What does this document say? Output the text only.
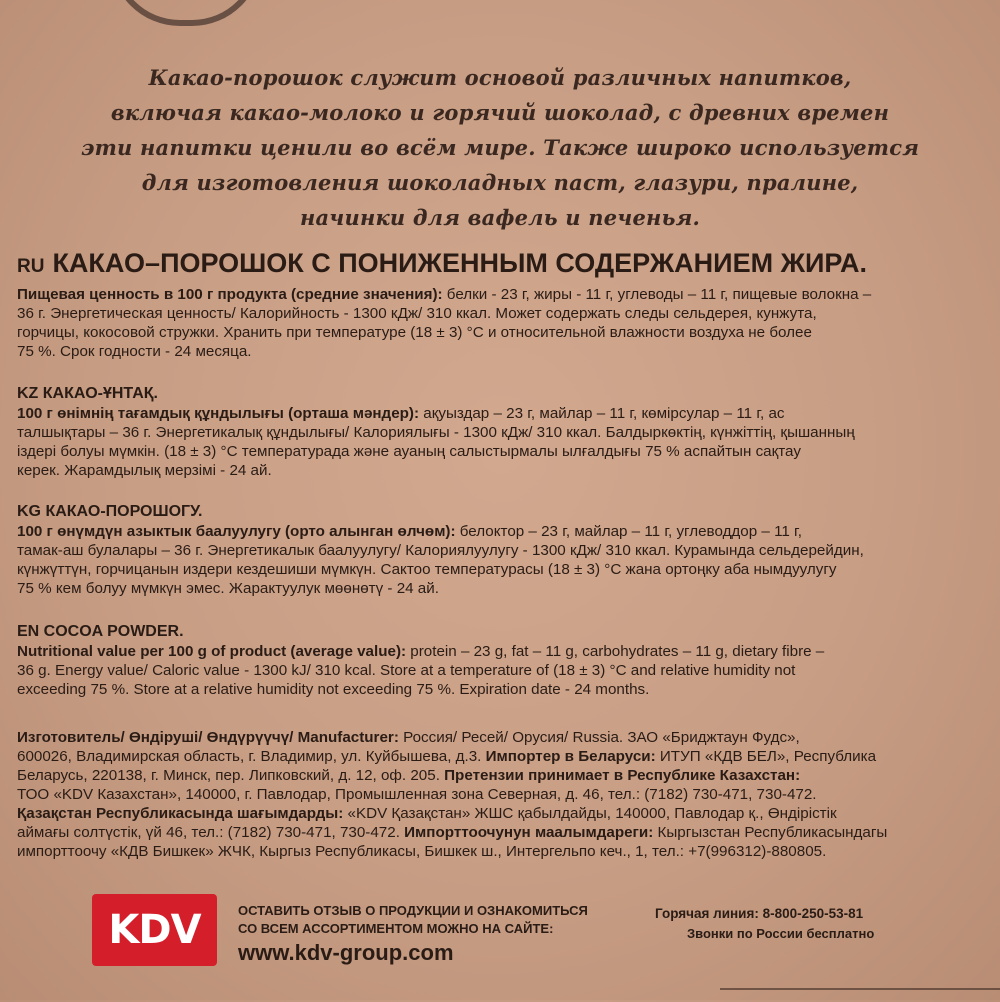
Какао-порошок служит основой различных напитков,
включая какао-молоко и горячий шоколад, с древних времен
эти напитки ценили во всём мире. Также широко используется
для изготовления шоколадных паст, глазури, пралине,
начинки для вафель и печенья.
RU КАКАО–ПОРОШОК С ПОНИЖЕННЫМ СОДЕРЖАНИЕМ ЖИРА.
Пищевая ценность в 100 г продукта (средние значения): белки - 23 г, жиры - 11 г, углеводы – 11 г, пищевые волокна –
36 г. Энергетическая ценность/ Калорийность - 1300 кДж/ 310 ккал. Может содержать следы сельдерея, кунжута,
горчицы, кокосовой стружки. Хранить при температуре (18 ± 3) °C и относительной влажности воздуха не более
75 %. Срок годности - 24 месяца.
KZ КАКАО-ҰНТАҚ.
100 г өнімнің тағамдық құндылығы (орташа мәндер): ақуыздар – 23 г, майлар – 11 г, көмірсулар – 11 г, ас
талшықтары – 36 г. Энергетикалық құндылығы/ Калориялығы - 1300 кДж/ 310 ккал. Балдыркөктің, күнжіттің, қышанның
іздері болуы мүмкін. (18 ± 3) °C температурада және ауаның салыстырмалы ылғалдығы 75 % аспайтын сақтау
керек. Жарамдылық мерзімі - 24 ай.
KG КАКАО-ПОРОШОГУ.
100 г өнүмдүн азыктык баалуулугу (орто алынган өлчөм): белоктор – 23 г, майлар – 11 г, углеводдор – 11 г,
тамак-аш булалары – 36 г. Энергетикалык баалуулугу/ Калориялуулугу - 1300 кДж/ 310 ккал. Курамында сельдерейдин,
күнжүттүн, горчицанын издери кездешиши мүмкүн. Сактоо температурасы (18 ± 3) °C жана ортоңку аба нымдуулугу
75 % кем болуу мүмкүн эмес. Жарактуулук мөөнөтү - 24 ай.
EN COCOA POWDER.
Nutritional value per 100 g of product (average value): protein – 23 g, fat – 11 g, carbohydrates – 11 g, dietary fibre –
36 g. Energy value/ Caloric value - 1300 kJ/ 310 kcal. Store at a temperature of (18 ± 3) °C and relative humidity not
exceeding 75 %. Store at a relative humidity not exceeding 75 %. Expiration date - 24 months.
Изготовитель/ Өндіруші/ Өндүрүүчү/ Manufacturer: Россия/ Ресей/ Орусия/ Russia. ЗАО «Бриджтаун Фудс»,
600026, Владимирская область, г. Владимир, ул. Куйбышева, д.3. Импортер в Беларуси: ИТУП «КДВ БЕЛ», Республика
Беларусь, 220138, г. Минск, пер. Липковский, д. 12, оф. 205. Претензии принимает в Республике Казахстан:
ТОО «KDV Казахстан», 140000, г. Павлодар, Промышленная зона Северная, д. 46, тел.: (7182) 730-471, 730-472.
Қазақстан Республикасында шағымдарды: «KDV Қазақстан» ЖШС қабылдайды, 140000, Павлодар қ., Өндірістік
аймағы солтүстік, үй 46, тел.: (7182) 730-471, 730-472. Импорттоочунун маалымдареги: Кыргызстан Республикасындагы
импорттоочу «КДВ Бишкек» ЖЧК, Кыргыз Республикасы, Бишкек ш., Интергельпо кеч., 1, тел.: +7(996312)-880805.
KDV	ОСТАВИТЬ ОТЗЫВ О ПРОДУКЦИИ И ОЗНАКОМИТЬСЯ
СО ВСЕМ АССОРТИМЕНТОМ МОЖНО НА САЙТЕ:
www.kdv-group.com
Горячая линия: 8-800-250-53-81
Звонки по России бесплатно
